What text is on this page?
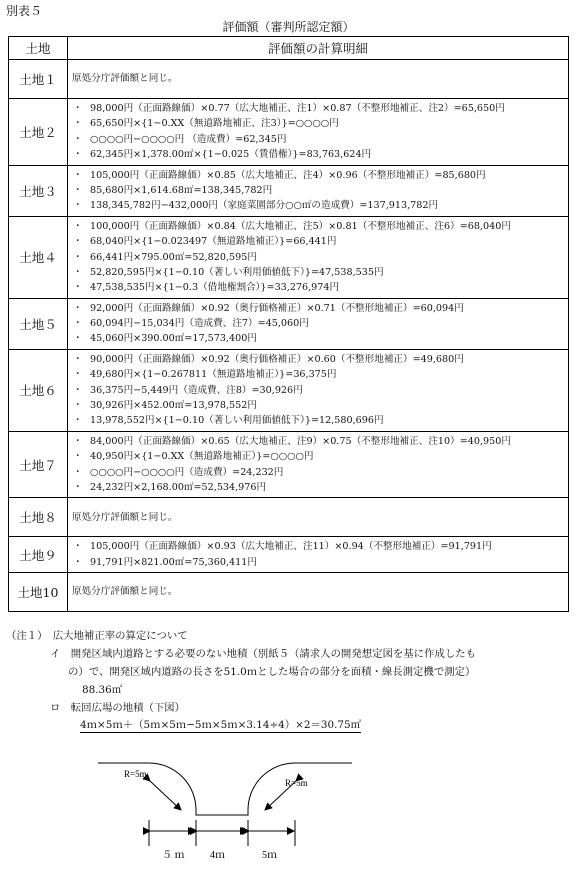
別表５
評価額（審判所認定額）
土地	評価額の計算明細
土地１	原処分庁評価額と同じ。

土地２	・ 98,000円（正面路線価）×0.77（広大地補正、注1）×0.87（不整形地補正、注2）=65,650円
・ 65,650円×{1−0.XX（無道路地補正、注3）}=○○○○円
・ ○○○○円−○○○○円 （造成費）=62,345円
・ 62,345円×1,378.00㎡×{1−0.025（賃借権）}=83,763,624円

土地３	・ 105,000円（正面路線価）×0.85（広大地補正、注4）×0.96（不整形地補正）=85,680円
・ 85,680円×1,614.68㎡=138,345,782円
・ 138,345,782円−432,000円（家庭菜園部分○○㎡の造成費）=137,913,782円

土地４	・ 100,000円（正面路線価）×0.84（広大地補正、注5）×0.81（不整形地補正、注6）=68,040円
・ 68,040円×{1−0.023497（無道路地補正）}=66,441円
・ 66,441円×795.00㎡=52,820,595円
・ 52,820,595円×{1−0.10（著しい利用価値低下）}=47,538,535円
・ 47,538,535円×{1−0.3（借地権割合）}=33,276,974円

土地５	・ 92,000円（正面路線価）×0.92（奥行価格補正）×0.71（不整形地補正）=60,094円
・ 60,094円−15,034円（造成費、注7）=45,060円
・ 45,060円×390.00㎡=17,573,400円

土地６	・ 90,000円（正面路線価）×0.92（奥行価格補正）×0.60（不整形地補正）=49,680円
・ 49,680円×{1−0.267811（無道路地補正）}=36,375円
・ 36,375円−5,449円（造成費、注8）=30,926円
・ 30,926円×452.00㎡=13,978,552円
・ 13,978,552円×{1−0.10（著しい利用価値低下）}=12,580,696円

土地７	・ 84,000円（正面路線価）×0.65（広大地補正、注9）×0.75（不整形地補正、注10）=40,950円
・ 40,950円×{1−0.XX（無道路地補正）}=○○○○円
・ ○○○○円−○○○○円（造成費）=24,232円
・ 24,232円×2,168.00㎡=52,534,976円

土地８	原処分庁評価額と同じ。

土地９	・ 105,000円（正面路線価）×0.93（広大地補正、注11）×0.94（不整形地補正）=91,791円
・ 91,791円×821.00㎡=75,360,411円

土地10	原処分庁評価額と同じ。
（注１）　広大地補正率の算定について
イ　開発区域内道路とする必要のない地積（別紙５（請求人の開発想定図を基に作成したも
の）で、開発区域内道路の長さを51.0ｍとした場合の部分を面積・線長測定機で測定）
88.36㎡
ロ　転回広場の地積（下図）
4ｍ×5ｍ＋（5ｍ×5ｍ−5ｍ×5ｍ×3.14÷4）×2＝30.75㎡
R=5m
R=5m
５ ｍ	4ｍ	5ｍ
